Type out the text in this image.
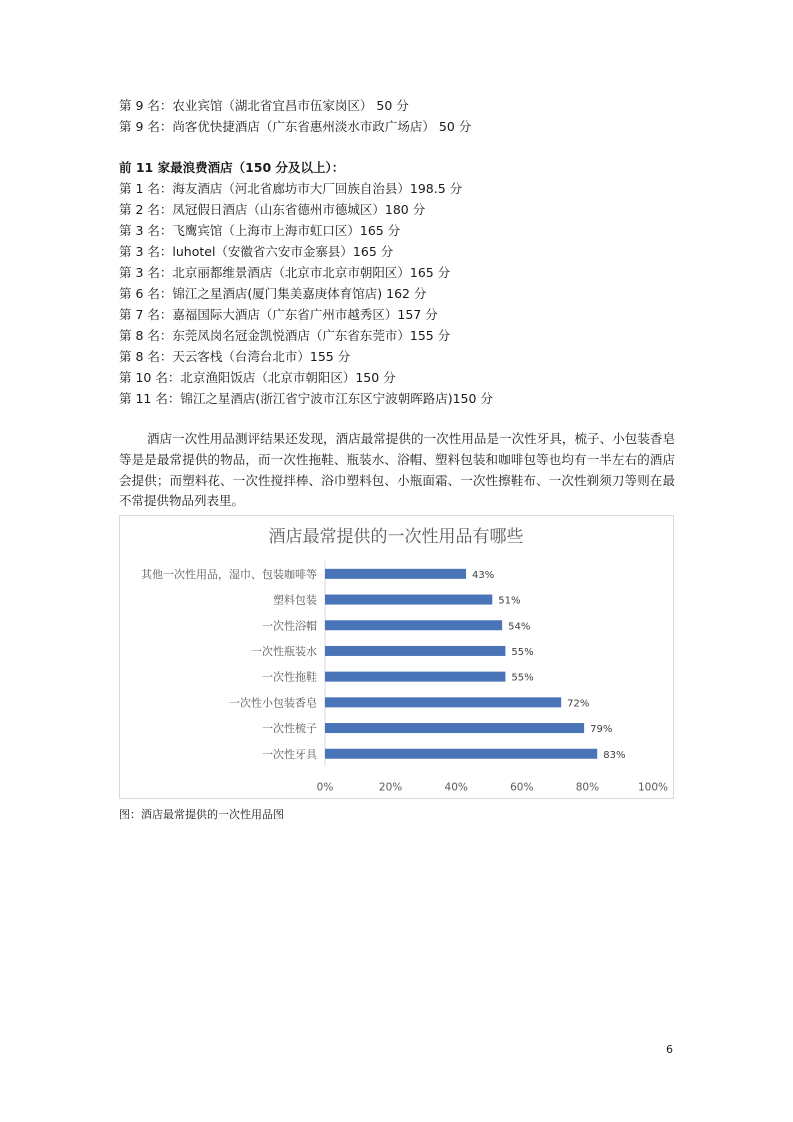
第 9 名：农业宾馆（湖北省宜昌市伍家岗区） 50 分
第 9 名：尚客优快捷酒店（广东省惠州淡水市政广场店） 50 分
前 11 家最浪费酒店（150 分及以上）：
第 1 名：海友酒店（河北省廊坊市大厂回族自治县）198.5 分
第 2 名：凤冠假日酒店（山东省德州市德城区）180 分
第 3 名：飞鹰宾馆（上海市上海市虹口区）165 分
第 3 名：luhotel（安徽省六安市金寨县）165 分
第 3 名：北京丽都维景酒店（北京市北京市朝阳区）165 分
第 6 名：锦江之星酒店(厦门集美嘉庚体育馆店) 162 分
第 7 名：嘉福国际大酒店（广东省广州市越秀区）157 分
第 8 名：东莞凤岗名冠金凯悦酒店（广东省东莞市）155 分
第 8 名：天云客栈（台湾台北市）155 分
第 10 名：北京渔阳饭店（北京市朝阳区）150 分
第 11 名：锦江之星酒店(浙江省宁波市江东区宁波朝晖路店)150 分
酒店一次性用品测评结果还发现，酒店最常提供的一次性用品是一次性牙具，梳子、小包装香皂等是是最常提供的物品，而一次性拖鞋、瓶装水、浴帽、塑料包装和咖啡包等也均有一半左右的酒店会提供；而塑料花、一次性搅拌棒、浴巾塑料包、小瓶面霜、一次性擦鞋布、一次性剃须刀等则在最不常提供物品列表里。
酒店最常提供的一次性用品有哪些
其他一次性用品，湿巾、包装咖啡等	43%
塑料包装	51%
一次性浴帽	54%
一次性瓶装水	55%
一次性拖鞋	55%
一次性小包装香皂	72%
一次性梳子	79%
一次性牙具	83%
0%	20%	40%	60%	80%	100%
图：酒店最常提供的一次性用品图
6
